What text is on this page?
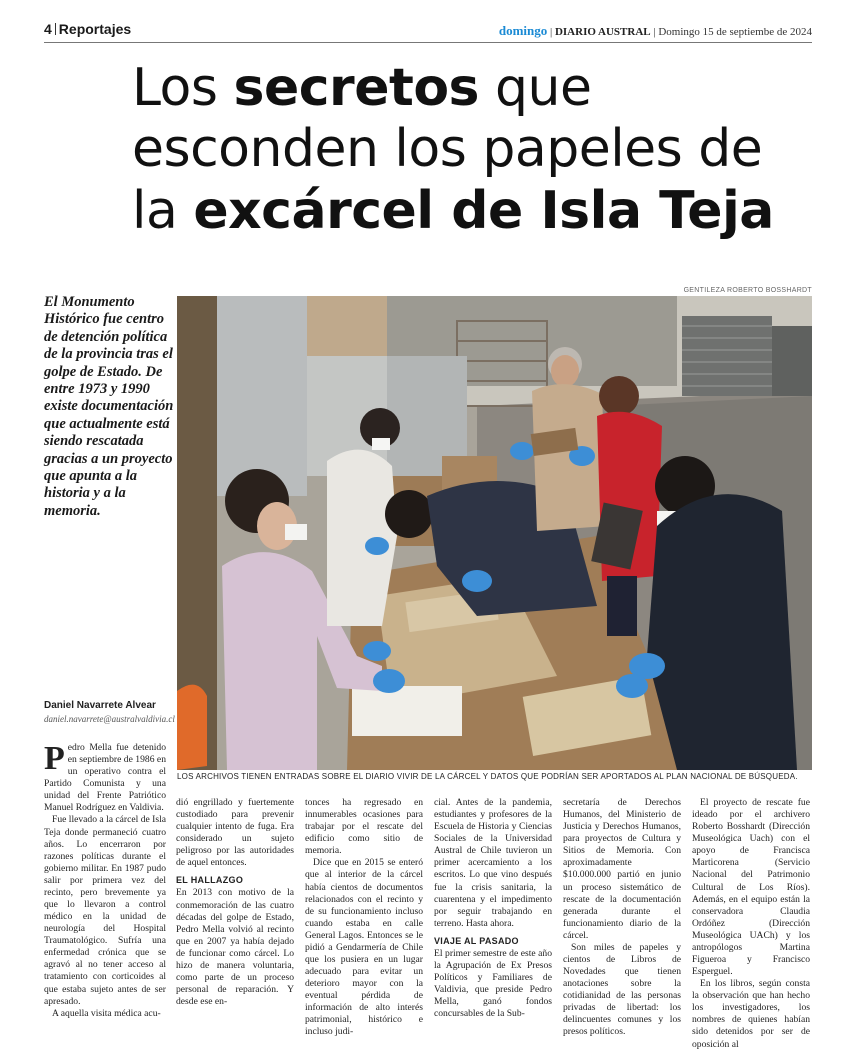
4 Reportajes	domingo | DIARIO AUSTRAL | Domingo 15 de septiembe de 2024
Los secretos que
esconden los papeles de
la excárcel de Isla Teja
El Monumento Histórico fue centro de detención política de la provincia tras el golpe de Estado. De entre 1973 y 1990 existe documentación que actualmente está siendo rescatada gracias a un proyecto que apunta a la historia y a la memoria.
GENTILEZA ROBERTO BOSSHARDT
LOS ARCHIVOS TIENEN ENTRADAS SOBRE EL DIARIO VIVIR DE LA CÁRCEL Y DATOS QUE PODRÍAN SER APORTADOS AL PLAN NACIONAL DE BÚSQUEDA.
Daniel Navarrete Alvear
daniel.navarrete@australvaldivia.cl

Pedro Mella fue detenido en septiembre de 1986 en un operativo contra el Partido Comunista y una unidad del Frente Patriótico Manuel Rodríguez en Valdivia.

Fue llevado a la cárcel de Isla Teja donde permaneció cuatro años. Lo encerraron por razones políticas durante el gobierno militar. En 1987 pudo salir por primera vez del recinto, pero brevemente ya que lo llevaron a control médico en la unidad de neurología del Hospital Traumatológico. Sufría una enfermedad crónica que se agravó al no tener acceso al tratamiento con corticoides al que estaba sujeto antes de ser apresado.

A aquella visita médica acu-

dió engrillado y fuertemente custodiado para prevenir cualquier intento de fuga. Era considerado un sujeto peligroso por las autoridades de aquel entonces.

EL HALLAZGO

En 2013 con motivo de la conmemoración de las cuatro décadas del golpe de Estado, Pedro Mella volvió al recinto que en 2007 ya había dejado de funcionar como cárcel. Lo hizo de manera voluntaria, como parte de un proceso personal de reparación. Y desde ese en-

tonces ha regresado en innumerables ocasiones para trabajar por el rescate del edificio como sitio de memoria.

Dice que en 2015 se enteró que al interior de la cárcel había cientos de documentos relacionados con el recinto y de su funcionamiento incluso cuando estaba en calle General Lagos. Entonces se le pidió a Gendarmería de Chile que los pusiera en un lugar adecuado para evitar un deterioro mayor con la eventual pérdida de información de alto interés patrimonial, histórico e incluso judi-

cial. Antes de la pandemia, estudiantes y profesores de la Escuela de Historia y Ciencias Sociales de la Universidad Austral de Chile tuvieron un primer acercamiento a los escritos. Lo que vino después fue la crisis sanitaria, la cuarentena y el impedimento por seguir trabajando en terreno. Hasta ahora.

VIAJE AL PASADO

El primer semestre de este año la Agrupación de Ex Presos Políticos y Familiares de Valdivia, que preside Pedro Mella, ganó fondos concursables de la Sub-

secretaría de Derechos Humanos, del Ministerio de Justicia y Derechos Humanos, para proyectos de Cultura y Sitios de Memoria. Con aproximadamente $10.000.000 partió en junio un proceso sistemático de rescate de la documentación generada durante el funcionamiento diario de la cárcel.

Son miles de papeles y cientos de Libros de Novedades que tienen anotaciones sobre la cotidianidad de las personas privadas de libertad: los delincuentes comunes y los presos políticos.

El proyecto de rescate fue ideado por el archivero Roberto Bosshardt (Dirección Museológica Uach) con el apoyo de Francisca Marticorena (Servicio Nacional del Patrimonio Cultural de Los Ríos). Además, en el equipo están la conservadora Claudia Ordóñez (Dirección Museológica UACh) y los antropólogos Martina Figueroa y Francisco Esperguel.

En los libros, según consta la observación que han hecho los investigadores, los nombres de quienes habían sido detenidos por ser de oposición al
